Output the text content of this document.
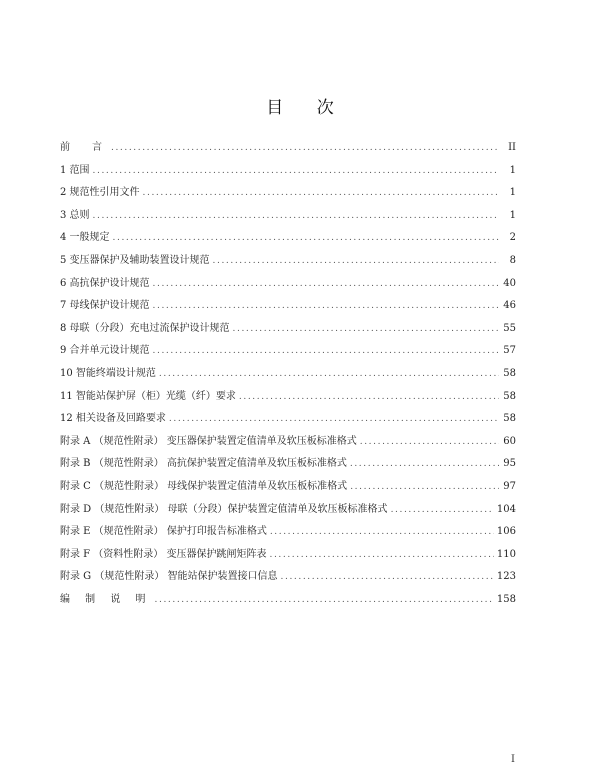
目 次
前　言 .....	II
1 范围 .....	1
2 规范性引用文件 .....	1
3 总则 .....	1
4 一般规定 .....	2
5 变压器保护及辅助装置设计规范 .....	8
6 高抗保护设计规范 .....	40
7 母线保护设计规范 .....	46
8 母联（分段）充电过流保护设计规范 .....	55
9 合并单元设计规范 .....	57
10 智能终端设计规范 .....	58
11 智能站保护屏（柜）光缆（纤）要求 .....	58
12 相关设备及回路要求 .....	58
附录 A （规范性附录） 变压器保护装置定值清单及软压板标准格式 .....	60
附录 B （规范性附录） 高抗保护装置定值清单及软压板标准格式 .....	95
附录 C （规范性附录） 母线保护装置定值清单及软压板标准格式 .....	97
附录 D （规范性附录） 母联（分段）保护装置定值清单及软压板标准格式 .....	104
附录 E （规范性附录） 保护打印报告标准格式 .....	106
附录 F （资料性附录） 变压器保护跳闸矩阵表 .....	110
附录 G （规范性附录） 智能站保护装置接口信息 .....	123
编 制 说 明 .....	158
I
